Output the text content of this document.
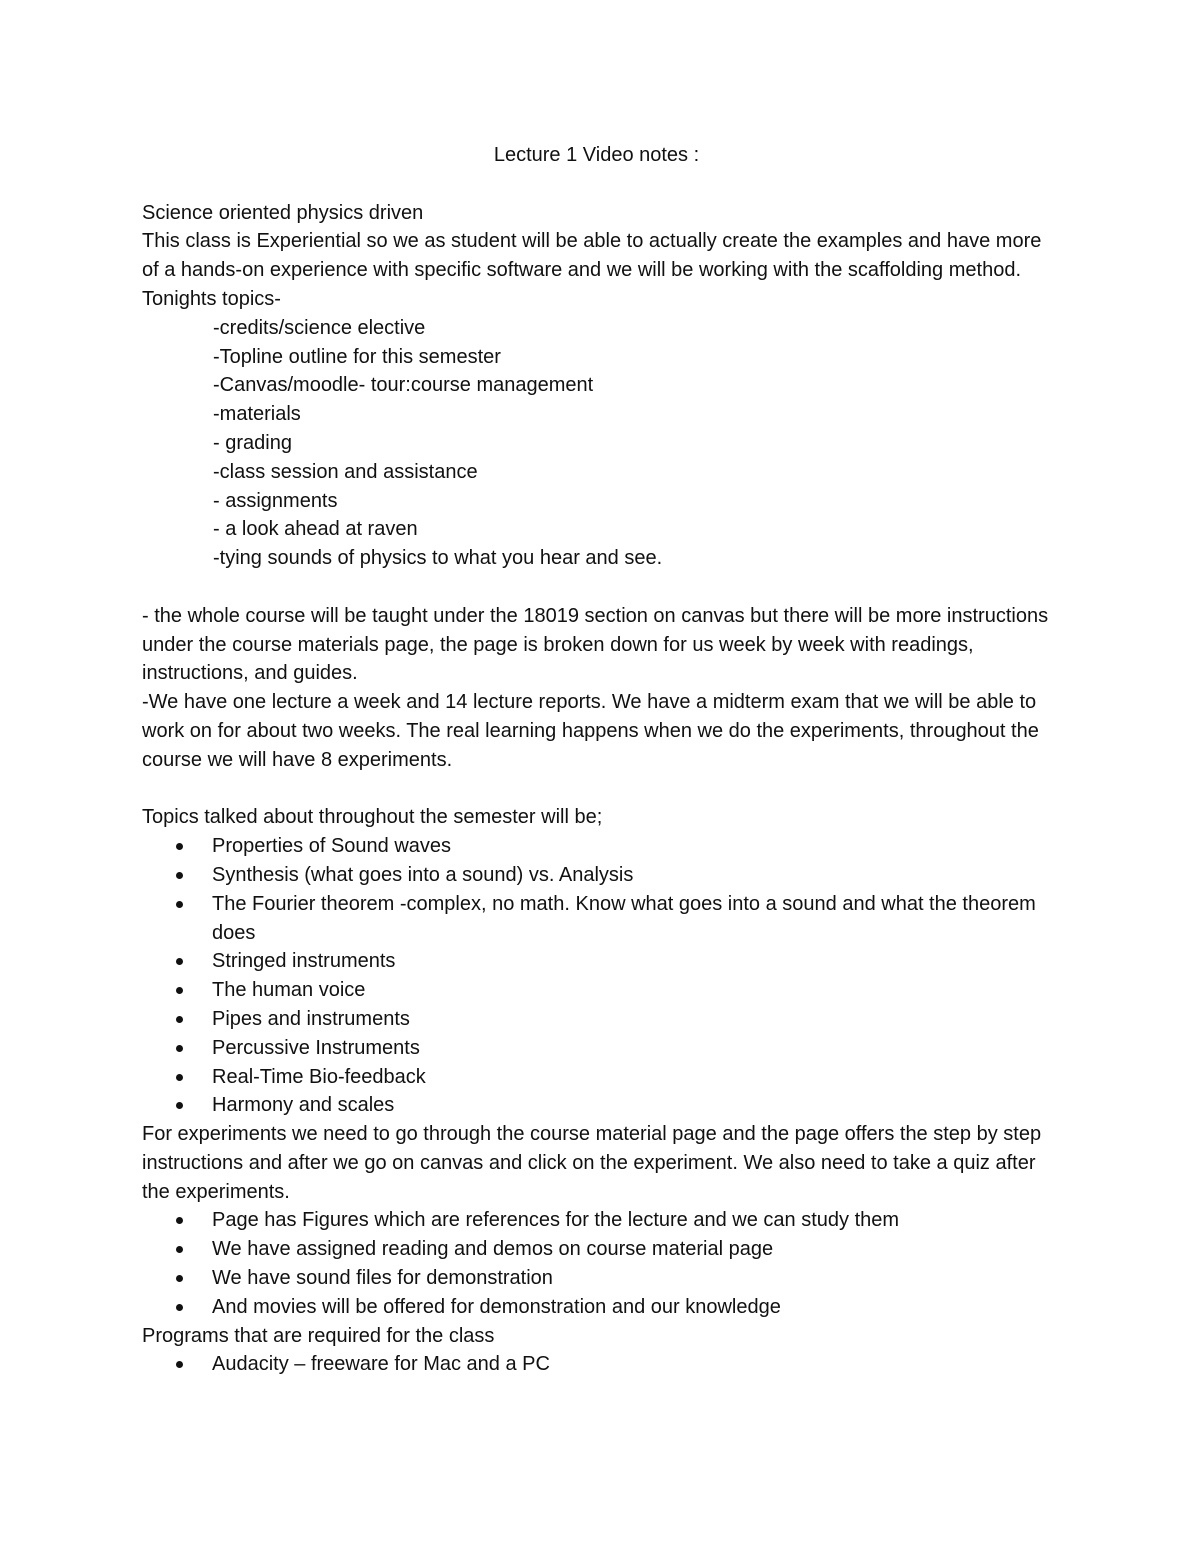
Lecture 1 Video notes :

Science oriented physics driven

This class is Experiential so we as student will be able to actually create the examples and have more of a hands-on experience with specific software and we will be working with the scaffolding method.

Tonights topics-

-credits/science elective
-Topline outline for this semester
-Canvas/moodle- tour:course management
-materials
- grading
-class session and assistance
- assignments
- a look ahead at raven
-tying sounds of physics to what you hear and see.

- the whole course will be taught under the 18019 section on canvas but there will be more instructions under the course materials page, the page is broken down for us week by week with readings, instructions, and guides.

-We have one lecture a week and 14 lecture reports. We have a midterm exam that we will be able to work on for about two weeks. The real learning happens when we do the experiments, throughout the course we will have 8 experiments.

Topics talked about throughout the semester will be;

Properties of Sound waves
Synthesis (what goes into a sound) vs. Analysis
The Fourier theorem -complex, no math. Know what goes into a sound and what the theorem does
Stringed instruments
The human voice
Pipes and instruments
Percussive Instruments
Real-Time Bio-feedback
Harmony and scales

For experiments we need to go through the course material page and the page offers the step by step instructions and after we go on canvas and click on the experiment. We also need to take a quiz after the experiments.

Page has Figures which are references for the lecture and we can study them
We have assigned reading and demos on course material page
We have sound files for demonstration
And movies will be offered for demonstration and our knowledge

Programs that are required for the class

Audacity – freeware for Mac and a PC
